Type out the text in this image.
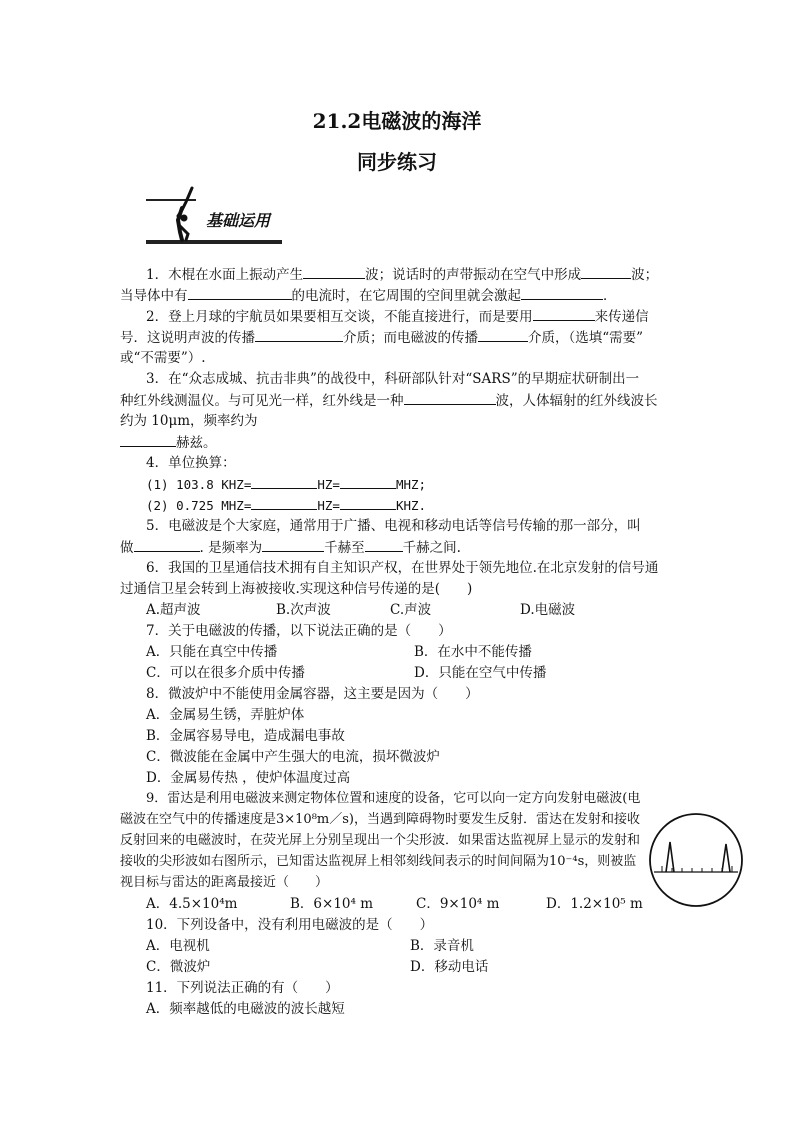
21.2电磁波的海洋
同步练习
基础运用
1．木棍在水面上振动产生	波；说话时的声带振动在空气中形成	波；
当导体中有	的电流时，在它周围的空间里就会激起	．
2．登上月球的宇航员如果要相互交谈，不能直接进行，而是要用	来传递信
号．这说明声波的传播	介质；而电磁波的传播	介质，（选填“需要”
或“不需要”）.
3．在“众志成城、抗击非典”的战役中，科研部队针对“SARS”的早期症状研制出一
种红外线测温仪。与可见光一样，红外线是一种	波，人体辐射的红外线波长
约为 10μm，频率约为
赫兹。
4．单位换算：
(1) 103.8 KHZ=	HZ=	MHZ;
(2) 0.725 MHZ=	HZ=	KHZ.
5．电磁波是个大家庭，通常用于广播、电视和移动电话等信号传输的那一部分，叫
做	. 是频率为	千赫至	千赫之间.
6．我国的卫星通信技术拥有自主知识产权，在世界处于领先地位.在北京发射的信号通
过通信卫星会转到上海被接收.实现这种信号传递的是(　　)
A.超声波	B.次声波	C.声波	D.电磁波
7．关于电磁波的传播，以下说法正确的是（　　）
A．只能在真空中传播	B．在水中不能传播
C．可以在很多介质中传播	D．只能在空气中传播
8．微波炉中不能使用金属容器，这主要是因为（　　）
A．金属易生锈，弄脏炉体
B．金属容易导电，造成漏电事故
C．微波能在金属中产生强大的电流，损坏微波炉
D．金属易传热 ，使炉体温度过高
9．雷达是利用电磁波来测定物体位置和速度的设备，它可以向一定方向发射电磁波(电
磁波在空气中的传播速度是3×10⁸m／s)，当遇到障碍物时要发生反射．雷达在发射和接收
反射回来的电磁波时，在荧光屏上分别呈现出一个尖形波．如果雷达监视屏上显示的发射和
接收的尖形波如右图所示，已知雷达监视屏上相邻刻线间表示的时间间隔为10⁻⁴s，则被监
视目标与雷达的距离最接近（　　）
A．4.5×10⁴m	B．6×10⁴ m	C．9×10⁴ m	D．1.2×10⁵ m
10．下列设备中，没有利用电磁波的是（　　）
A．电视机	B．录音机
C．微波炉	D．移动电话
11．下列说法正确的有（　　）
A．频率越低的电磁波的波长越短
